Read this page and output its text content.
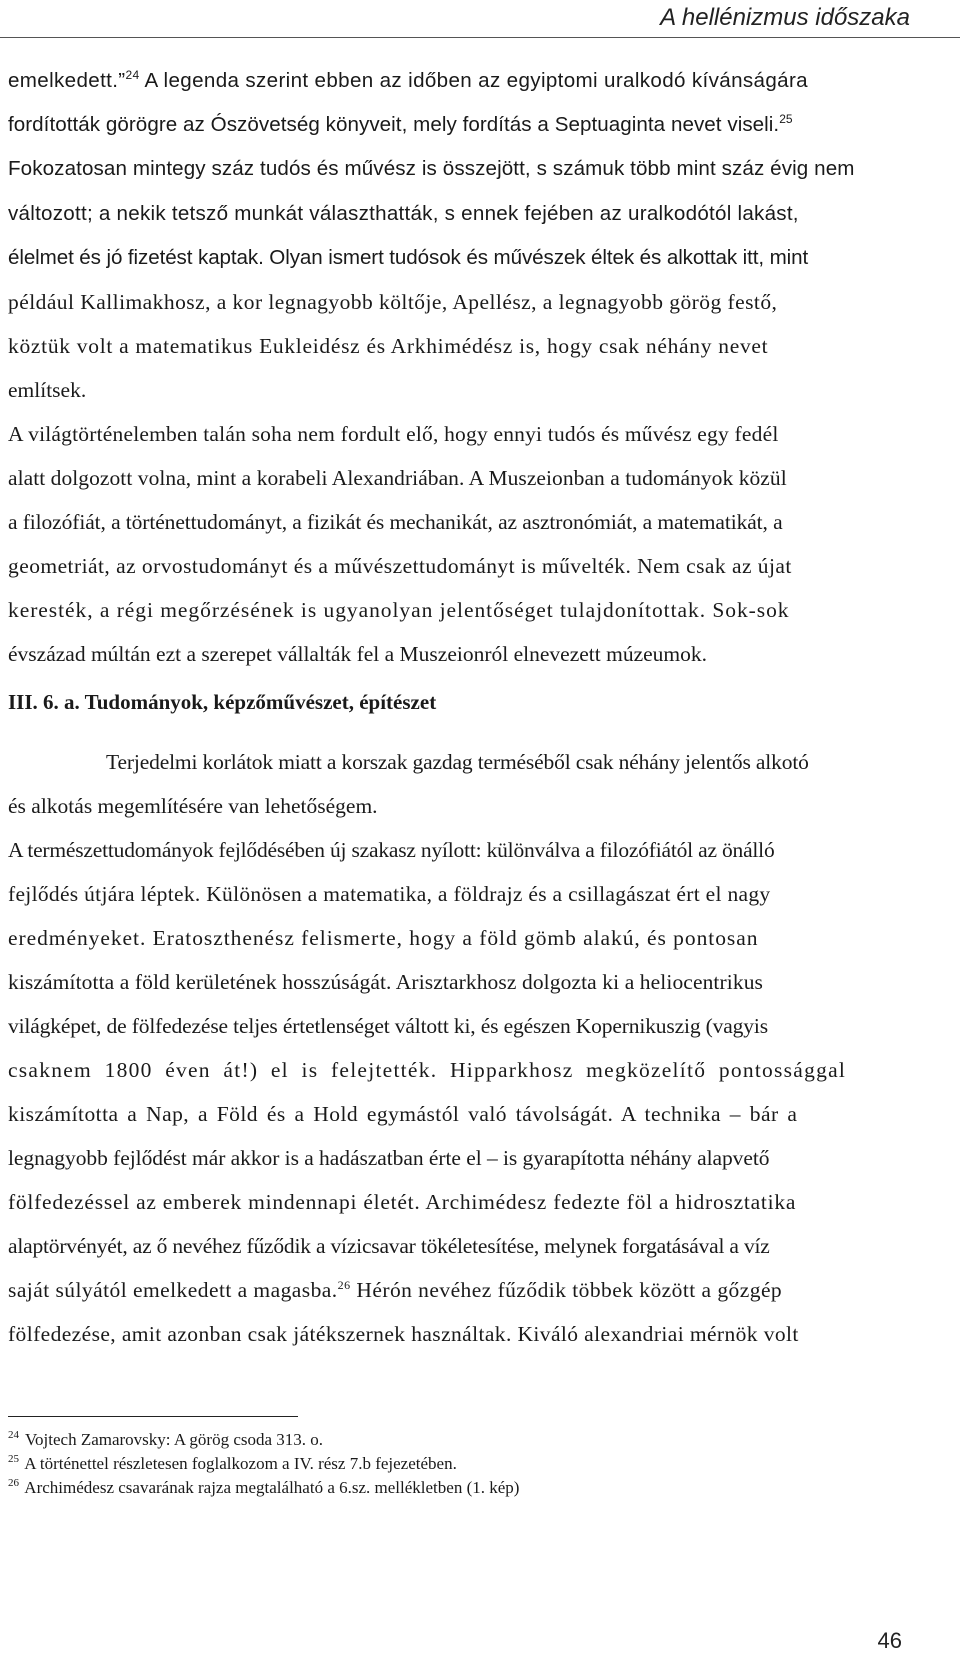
A hellénizmus időszaka
emelkedett.”$^{24}$ A legenda szerint ebben az időben az egyiptomi uralkodó kívánságára
fordították görögre az Ószövetség könyveit, mely fordítás a Septuaginta nevet viseli.$^{25}$
Fokozatosan mintegy száz tudós és művész is összejött, s számuk több mint száz évig nem
változott; a nekik tetsző munkát választhatták, s ennek fejében az uralkodótól lakást,
élelmet és jó fizetést kaptak. Olyan ismert tudósok és művészek éltek és alkottak itt, mint
például Kallimakhosz, a kor legnagyobb költője, Apellész, a legnagyobb görög festő,
köztük volt a matematikus Eukleidész és Arkhimédész is, hogy csak néhány nevet
említsek.
A világtörténelemben talán soha nem fordult elő, hogy ennyi tudós és művész egy fedél
alatt dolgozott volna, mint a korabeli Alexandriában. A Muszeionban a tudományok közül
a filozófiát, a történettudományt, a fizikát és mechanikát, az asztronómiát, a matematikát, a
geometriát, az orvostudományt és a művészettudományt is művelték. Nem csak az újat
keresték, a régi megőrzésének is ugyanolyan jelentőséget tulajdonítottak. Sok-sok
évszázad múltán ezt a szerepet vállalták fel a Muszeionról elnevezett múzeumok.
III. 6. a. Tudományok, képzőművészet, építészet
Terjedelmi korlátok miatt a korszak gazdag terméséből csak néhány jelentős alkotó
és alkotás megemlítésére van lehetőségem.
A természettudományok fejlődésében új szakasz nyílott: különválva a filozófiától az önálló
fejlődés útjára léptek. Különösen a matematika, a földrajz és a csillagászat ért el nagy
eredményeket. Eratoszthenész felismerte, hogy a föld gömb alakú, és pontosan
kiszámította a föld kerületének hosszúságát. Arisztarkhosz dolgozta ki a heliocentrikus
világképet, de fölfedezése teljes értetlenséget váltott ki, és egészen Kopernikuszig (vagyis
csaknem 1800 éven át!) el is felejtették. Hipparkhosz megközelítő pontossággal
kiszámította a Nap, a Föld és a Hold egymástól való távolságát. A technika – bár a
legnagyobb fejlődést már akkor is a hadászatban érte el – is gyarapította néhány alapvető
fölfedezéssel az emberek mindennapi életét. Archimédesz fedezte föl a hidrosztatika
alaptörvényét, az ő nevéhez fűződik a vízicsavar tökéletesítése, melynek forgatásával a víz
saját súlyától emelkedett a magasba.$^{26}$ Hérón nevéhez fűződik többek között a gőzgép
fölfedezése, amit azonban csak játékszernek használtak. Kiváló alexandriai mérnök volt
$^{24}$ Vojtech Zamarovsky: A görög csoda 313. o.
$^{25}$ A történettel részletesen foglalkozom a IV. rész 7.b fejezetében.
$^{26}$ Archimédesz csavarának rajza megtalálható a 6.sz. mellékletben (1. kép)
46
